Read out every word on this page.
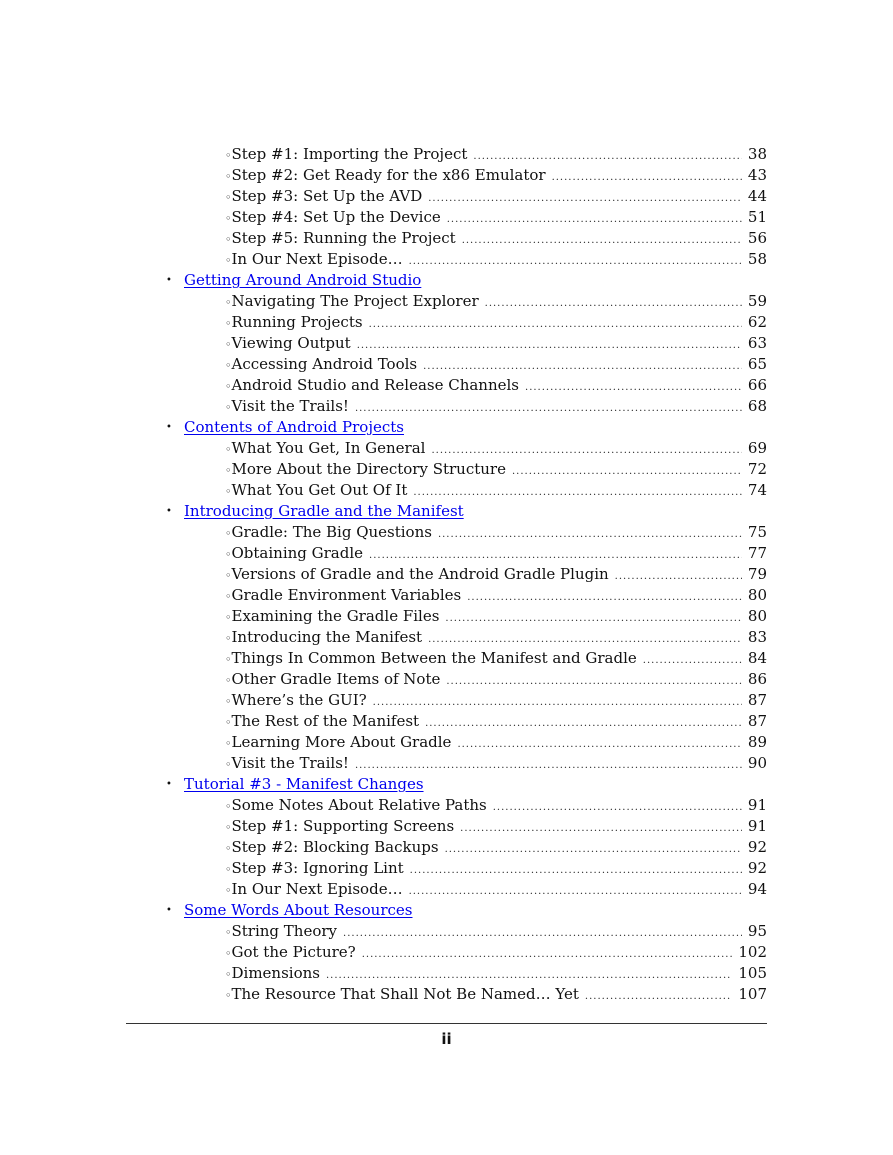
◦ Step #1: Importing the Project .....	38
◦ Step #2: Get Ready for the x86 Emulator .....	43
◦ Step #3: Set Up the AVD .....	44
◦ Step #4: Set Up the Device .....	51
◦ Step #5: Running the Project .....	56
◦ In Our Next Episode… .....	58
• Getting Around Android Studio
◦ Navigating The Project Explorer .....	59
◦ Running Projects .....	62
◦ Viewing Output .....	63
◦ Accessing Android Tools .....	65
◦ Android Studio and Release Channels .....	66
◦ Visit the Trails! .....	68
• Contents of Android Projects
◦ What You Get, In General .....	69
◦ More About the Directory Structure .....	72
◦ What You Get Out Of It .....	74
• Introducing Gradle and the Manifest
◦ Gradle: The Big Questions .....	75
◦ Obtaining Gradle .....	77
◦ Versions of Gradle and the Android Gradle Plugin .....	79
◦ Gradle Environment Variables .....	80
◦ Examining the Gradle Files .....	80
◦ Introducing the Manifest .....	83
◦ Things In Common Between the Manifest and Gradle .....	84
◦ Other Gradle Items of Note .....	86
◦ Where’s the GUI? .....	87
◦ The Rest of the Manifest .....	87
◦ Learning More About Gradle .....	89
◦ Visit the Trails! .....	90
• Tutorial #3 - Manifest Changes
◦ Some Notes About Relative Paths .....	91
◦ Step #1: Supporting Screens .....	91
◦ Step #2: Blocking Backups .....	92
◦ Step #3: Ignoring Lint .....	92
◦ In Our Next Episode… .....	94
• Some Words About Resources
◦ String Theory .....	95
◦ Got the Picture? .....	102
◦ Dimensions .....	105
◦ The Resource That Shall Not Be Named… Yet .....	107
ii
